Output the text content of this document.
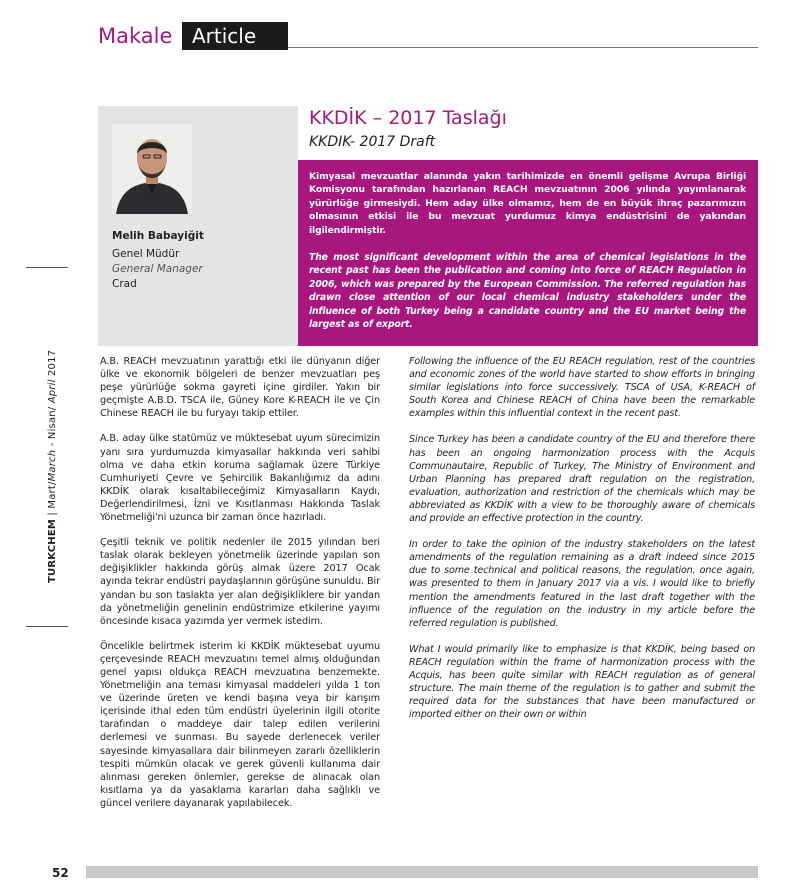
Makale Article
Melih Babayiğit
Genel Müdür
General Manager
Crad
KKDİK – 2017 Taslağı
KKDIK- 2017 Draft

Kimyasal mevzuatlar alanında yakın tarihimizde en önemli gelişme Avrupa Birliği Komisyonu tarafından hazırlanan REACH mevzuatının 2006 yılında yayımlanarak yürürlüğe girmesiydi. Hem aday ülke olmamız, hem de en büyük ihraç pazarımızın olmasının etkisi ile bu mevzuat yurdumuz kimya endüstrisini de yakından ilgilendirmiştir.

The most significant development within the area of chemical legislations in the recent past has been the publication and coming into force of REACH Regulation in 2006, which was prepared by the European Commission. The referred regulation has drawn close attention of our local chemical industry stakeholders under the influence of both Turkey being a candidate country and the EU market being the largest as of export.

TURKCHEM | Mart/March - Nisan/ April 2017	A.B. REACH mevzuatının yarattığı etki ile dünyanın diğer ülke ve ekonomik bölgeleri de benzer mevzuatları peş peşe yürürlüğe sokma gayreti içine girdiler. Yakın bir geçmişte A.B.D. TSCA ile, Güney Kore K-REACH ile ve Çin Chinese REACH ile bu furyayı takip ettiler.

A.B. aday ülke statümüz ve müktesebat uyum sürecimizin yanı sıra yurdumuzda kimyasallar hakkında veri sahibi olma ve daha etkin koruma sağlamak üzere Türkiye Cumhuriyeti Çevre ve Şehircilik Bakanlığımız da adını KKDİK olarak kısaltabileceğimiz Kimyasalların Kaydı, Değerlendirilmesi, İzni ve Kısıtlanması Hakkında Taslak Yönetmeliği'ni uzunca bir zaman önce hazırladı.

Çeşitli teknik ve politik nedenler ile 2015 yılından beri taslak olarak bekleyen yönetmelik üzerinde yapılan son değişiklikler hakkında görüş almak üzere 2017 Ocak ayında tekrar endüstri paydaşlarının görüşüne sunuldu. Bir yandan bu son taslakta yer alan değişikliklere bir yandan da yönetmeliğin genelinin endüstrimize etkilerine yayımı öncesinde kısaca yazımda yer vermek istedim.

Öncelikle belirtmek isterim ki KKDİK müktesebat uyumu çerçevesinde REACH mevzuatını temel almış olduğundan genel yapısı oldukça REACH mevzuatına benzemekte. Yönetmeliğin ana teması kimyasal maddeleri yılda 1 ton ve üzerinde üreten ve kendi başına veya bir karışım içerisinde ithal eden tüm endüstri üyelerinin ilgili otorite tarafından o maddeye dair talep edilen verilerini derlemesi ve sunması. Bu sayede derlenecek veriler sayesinde kimyasallara dair bilinmeyen zararlı özelliklerin tespiti mümkün olacak ve gerek güvenli kullanıma dair alınması gereken önlemler, gerekse de alınacak olan kısıtlama ya da yasaklama kararları daha sağlıklı ve güncel verilere dayanarak yapılabilecek.

Following the influence of the EU REACH regulation, rest of the countries and economic zones of the world have started to show efforts in bringing similar legislations into force successively. TSCA of USA, K-REACH of South Korea and Chinese REACH of China have been the remarkable examples within this influential context in the recent past.

Since Turkey has been a candidate country of the EU and therefore there has been an ongoing harmonization process with the Acquis Communautaire, Republic of Turkey, The Ministry of Environment and Urban Planning has prepared draft regulation on the registration, evaluation, authorization and restriction of the chemicals which may be abbreviated as KKDİK with a view to be thoroughly aware of chemicals and provide an effective protection in the country.

In order to take the opinion of the industry stakeholders on the latest amendments of the regulation remaining as a draft indeed since 2015 due to some technical and political reasons, the regulation, once again, was presented to them in January 2017 via a vis. I would like to briefly mention the amendments featured in the last draft together with the influence of the regulation on the industry in my article before the referred regulation is published.

What I would primarily like to emphasize is that KKDİK, being based on REACH regulation within the frame of harmonization process with the Acquis, has been quite similar with REACH regulation as of general structure. The main theme of the regulation is to gather and submit the required data for the substances that have been manufactured or imported either on their own or within

52
